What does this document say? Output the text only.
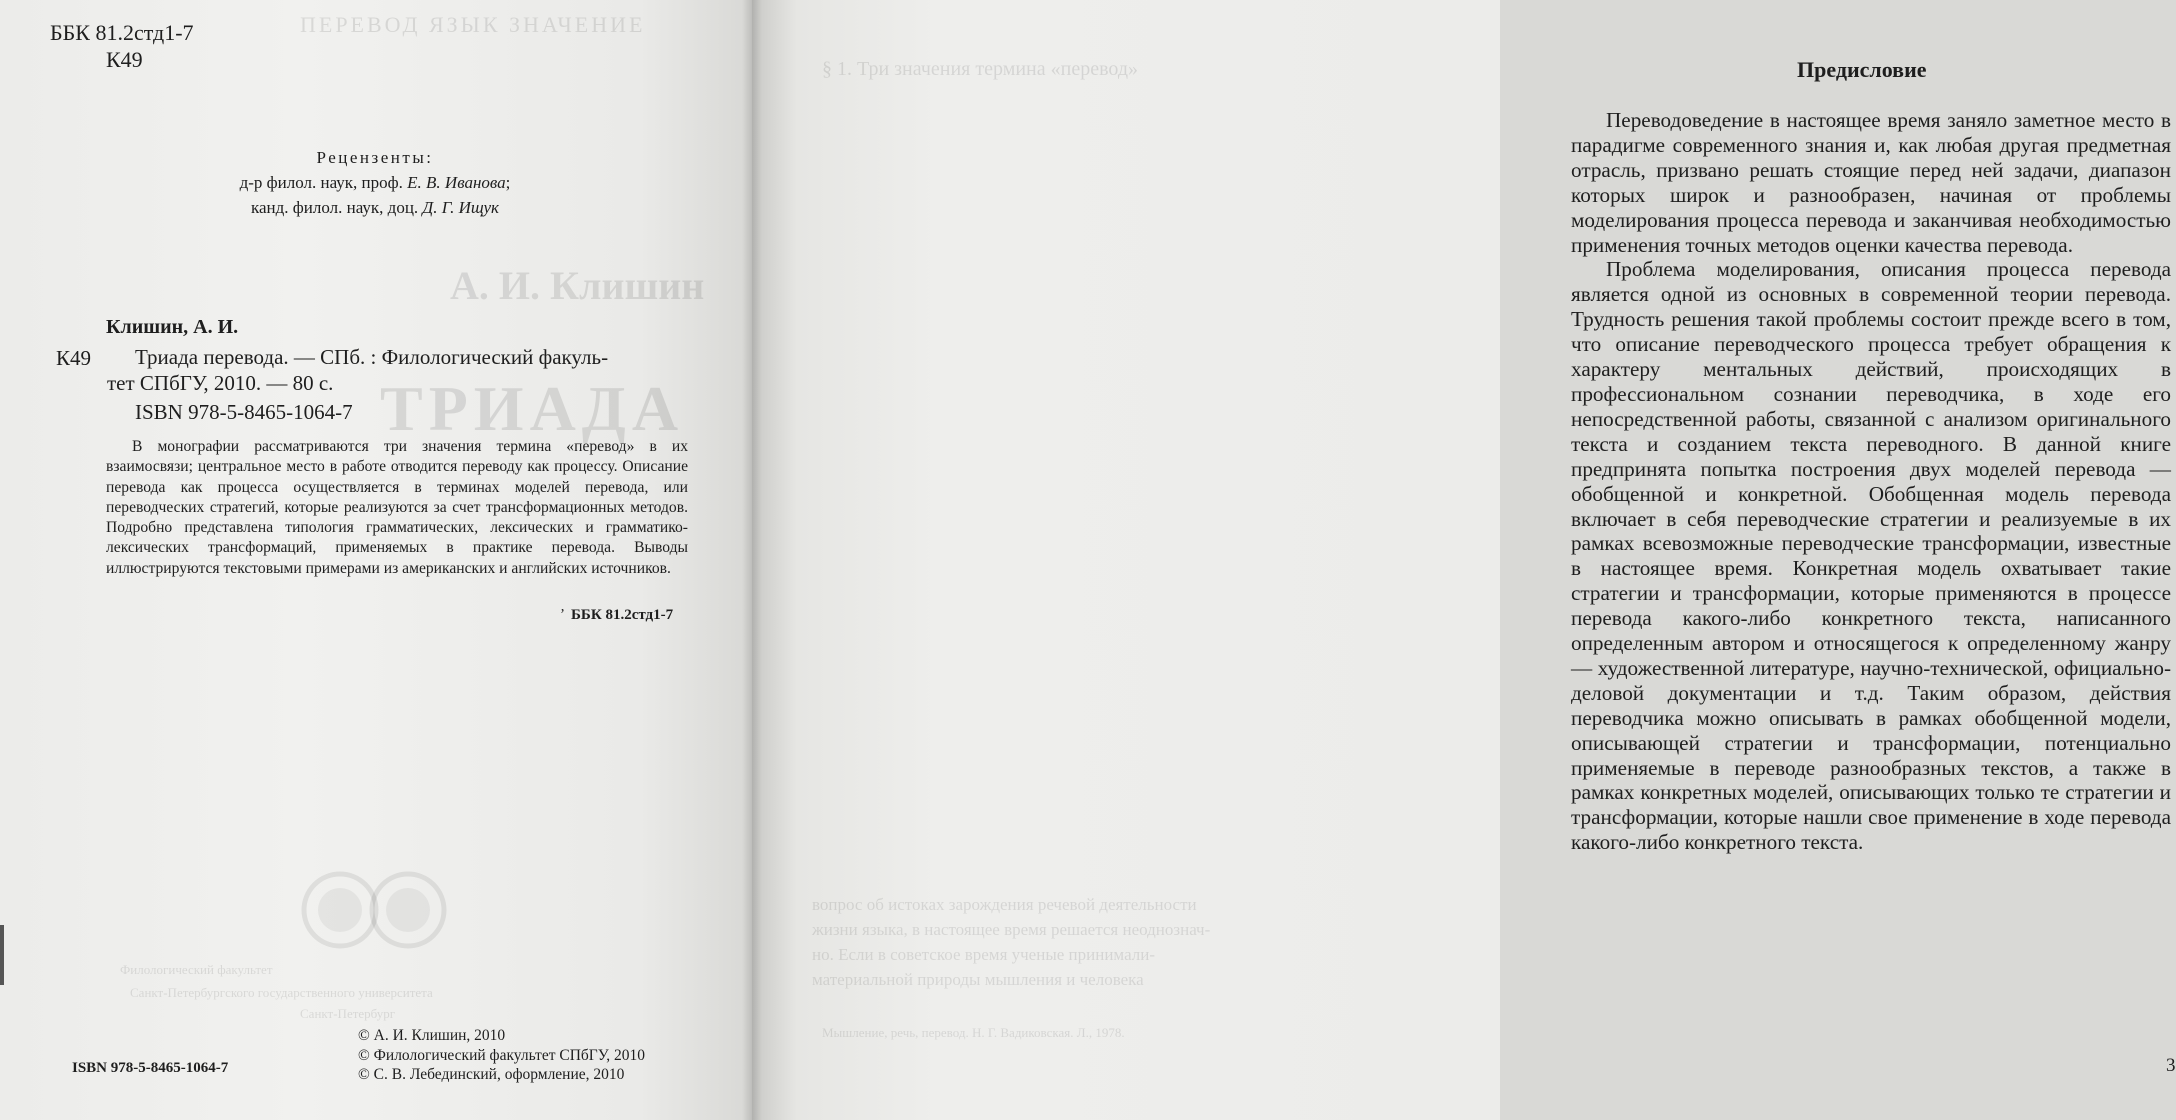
ПЕРЕВОД ЯЗЫК ЗНАЧЕНИЕ
А. И. Клишин
ТРИАДА
Филологический факультет
Санкт-Петербургского государственного университета
Санкт-Петербург
ББК 81.2стд1-7
К49
Рецензенты:
д-р филол. наук, проф. Е. В. Иванова;
канд. филол. наук, доц. Д. Г. Ищук
Клишин, А. И.
К49 Триада перевода. — СПб. : Филологический факуль-
тет СПбГУ, 2010. — 80 с.
ISBN 978-5-8465-1064-7

В монографии рассматриваются три значения термина «перевод» в их взаимосвязи; центральное место в работе отводится переводу как процессу. Описание перевода как процесса осуществляется в терминах моделей перевода, или переводческих стратегий, которые реализуются за счет трансформационных методов. Подробно представлена типология грамматических, лексических и грамматико-лексических трансформаций, применяемых в практике перевода. Выводы иллюстрируются текстовыми примерами из американских и английских источников.

ʼ ББК 81.2стд1-7
ISBN 978-5-8465-1064-7
© А. И. Клишин, 2010
© Филологический факультет СПбГУ, 2010
© С. В. Лебединский, оформление, 2010
§ 1. Три значения термина «перевод»
вопрос об истоках зарождения речевой деятельности
жизни языка, в настоящее время решается неоднознач-
но. Если в советское время ученые принимали-
материальной природы мышления и человека
Мышление, речь, перевод. Н. Г. Вадиковская. Л., 1978.
Предисловие

Переводоведение в настоящее время заняло заметное место в парадигме современного знания и, как любая другая предметная отрасль, призвано решать стоящие перед ней задачи, диапазон которых широк и разнообразен, начиная от проблемы моделирования процесса перевода и заканчивая необходимостью применения точных методов оценки качества перевода.

Проблема моделирования, описания процесса перевода является одной из основных в современной теории перевода. Трудность решения такой проблемы состоит прежде всего в том, что описание переводческого процесса требует обращения к характеру ментальных действий, происходящих в профессиональном сознании переводчика, в ходе его непосредственной работы, связанной с анализом оригинального текста и созданием текста переводного. В данной книге предпринята попытка построения двух моделей перевода — обобщенной и конкретной. Обобщенная модель перевода включает в себя переводческие стратегии и реализуемые в их рамках всевозможные переводческие трансформации, известные в настоящее время. Конкретная модель охватывает такие стратегии и трансформации, которые применяются в процессе перевода какого-либо конкретного текста, написанного определенным автором и относящегося к определенному жанру — художественной литературе, научно-технической, официально-деловой документации и т.д. Таким образом, действия переводчика можно описывать в рамках обобщенной модели, описывающей стратегии и трансформации, потенциально применяемые в переводе разнообразных текстов, а также в рамках конкретных моделей, описывающих только те стратегии и трансформации, которые нашли свое применение в ходе перевода какого-либо конкретного текста.

3
